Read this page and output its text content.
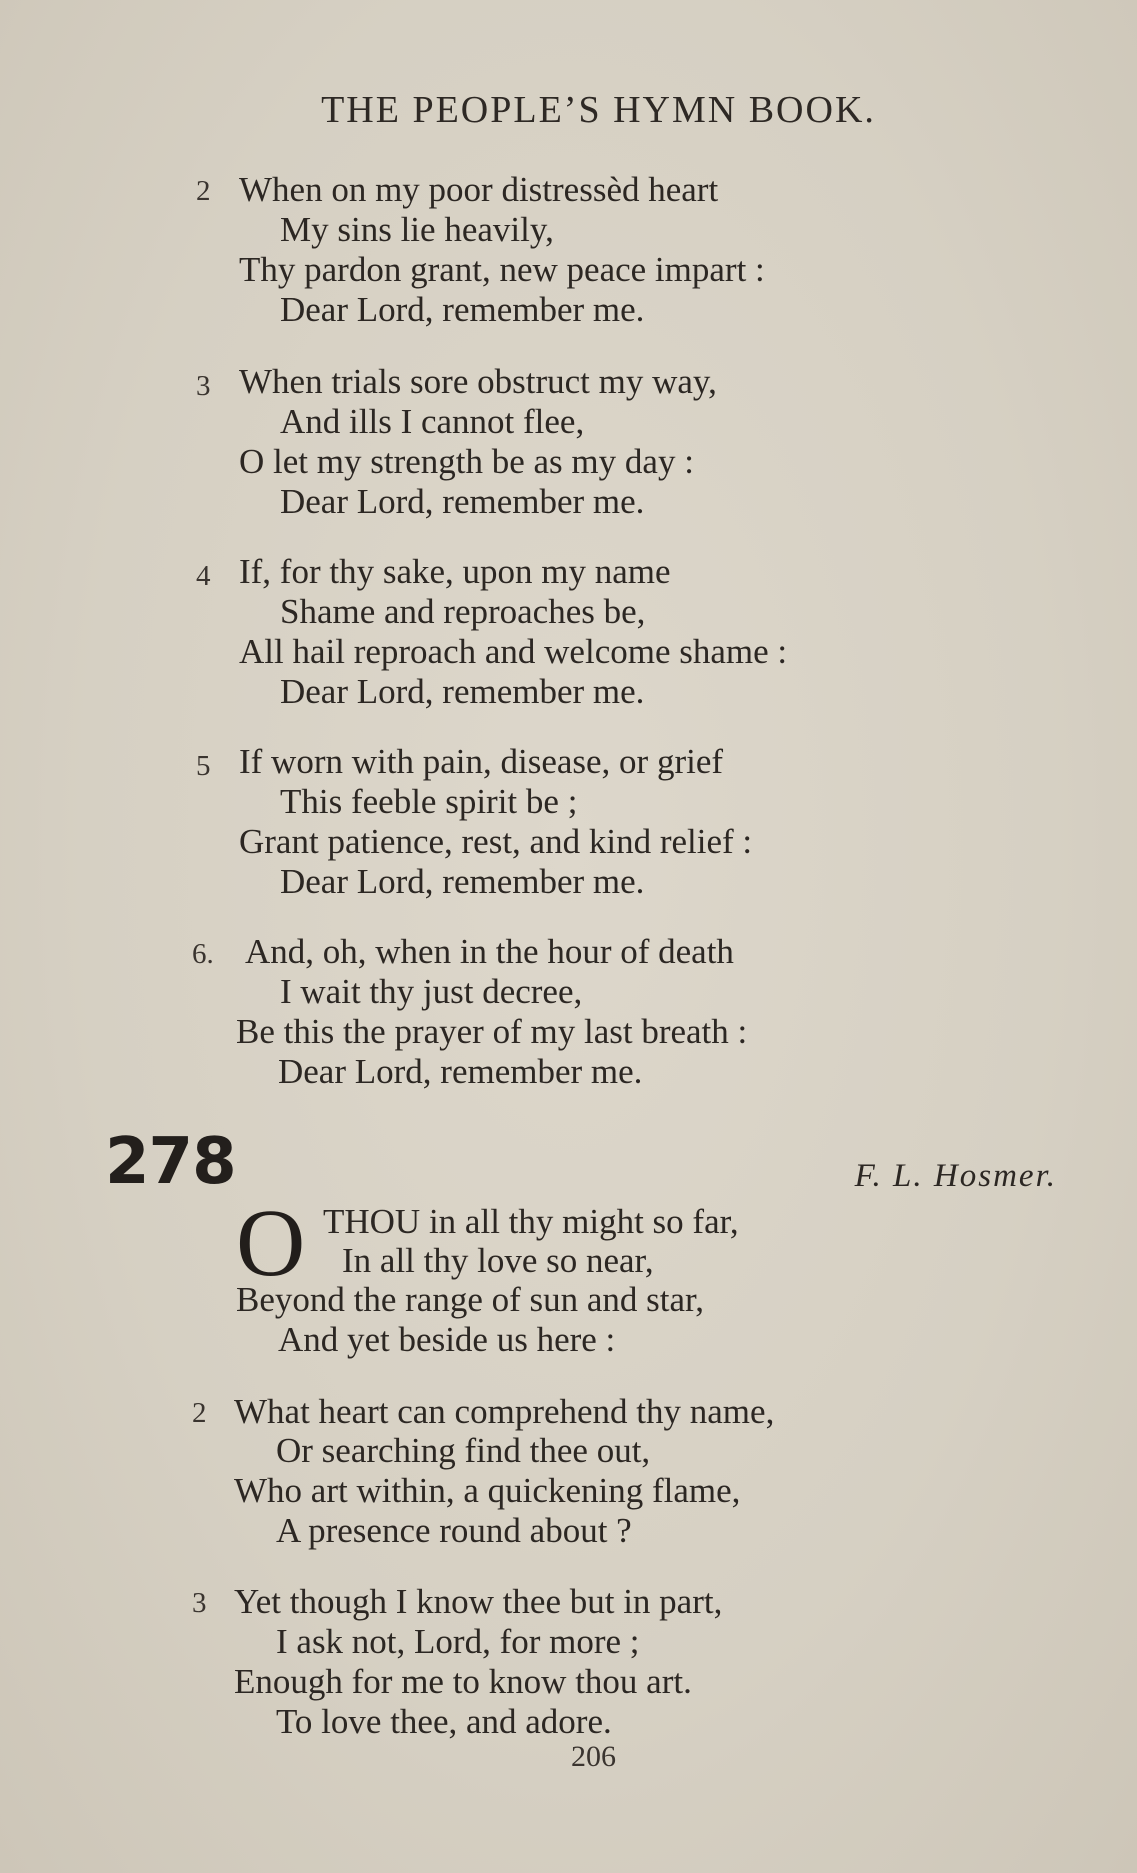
THE PEOPLE’S HYMN BOOK.
2 When on my poor distressèd heart
My sins lie heavily,
Thy pardon grant, new peace impart :
Dear Lord, remember me.
3 When trials sore obstruct my way,
And ills I cannot flee,
O let my strength be as my day :
Dear Lord, remember me.
4 If, for thy sake, upon my name
Shame and reproaches be,
All hail reproach and welcome shame :
Dear Lord, remember me.
5 If worn with pain, disease, or grief
This feeble spirit be ;
Grant patience, rest, and kind relief :
Dear Lord, remember me.
6. And, oh, when in the hour of death
I wait thy just decree,
Be this the prayer of my last breath :
Dear Lord, remember me.
278	F. L. Hosmer.
O THOU in all thy might so far,
In all thy love so near,
Beyond the range of sun and star,
And yet beside us here :
2 What heart can comprehend thy name,
Or searching find thee out,
Who art within, a quickening flame,
A presence round about ?
3 Yet though I know thee but in part,
I ask not, Lord, for more ;
Enough for me to know thou art.
To love thee, and adore.
206
